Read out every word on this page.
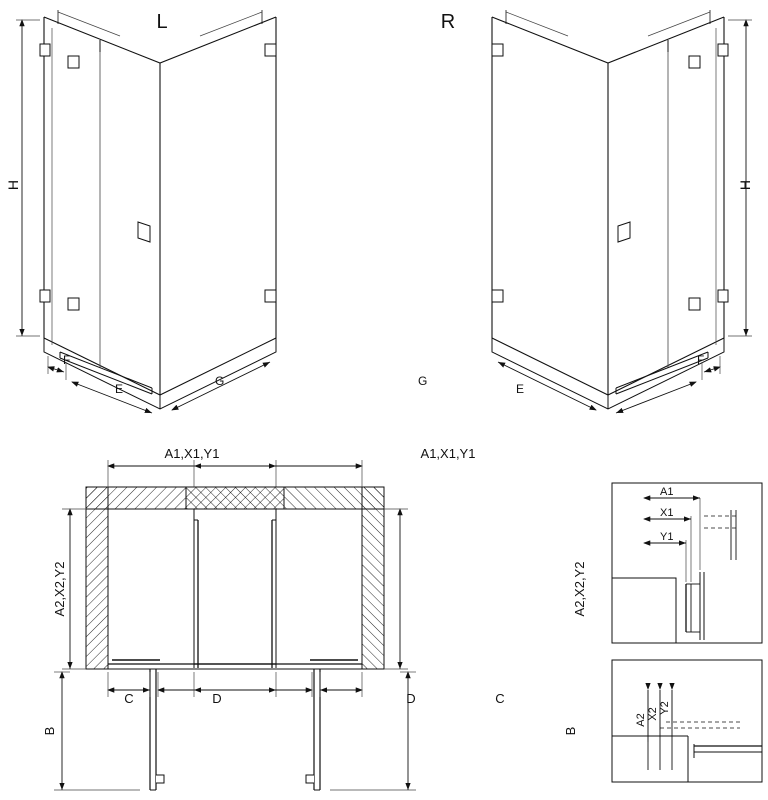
H
F
E
G
L
H
R
G
E
F
A1,X1,Y1
A2,X2,Y2
C	D
B
A1,X1,Y1
A2,X2,Y2
D	C
B
A1
X1
Y1
A2 X2 Y2
